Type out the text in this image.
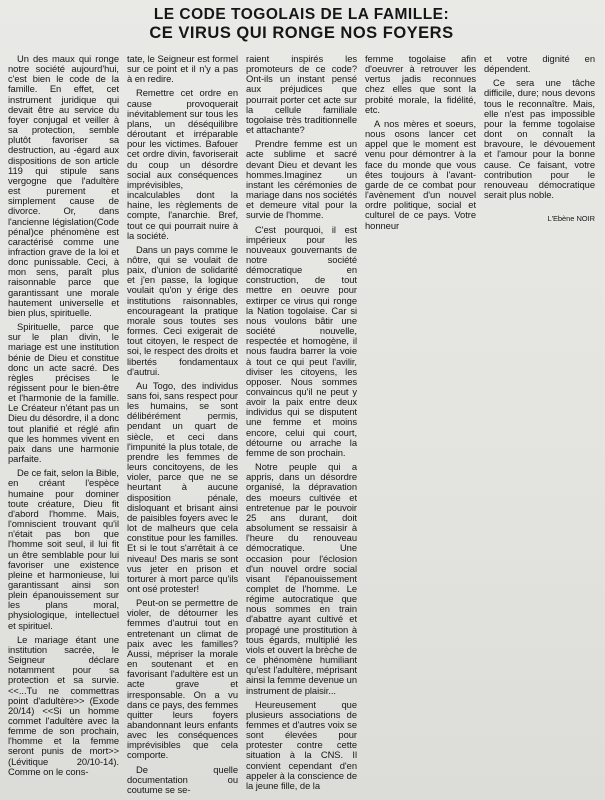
LE CODE TOGOLAIS DE LA FAMILLE:
CE VIRUS QUI RONGE NOS FOYERS

Un des maux qui ronge notre société aujourd'hui, c'est bien le code de la famille. En effet, cet instrument juridique qui devait être au service du foyer conjugal et veiller à sa protection, semble plutôt favoriser sa destruction, au -égard aux dispositions de son article 119 qui stipule sans vergogne que l'adultère est purement et simplement cause de divorce. Or, dans l'ancienne législation(Code pénal)ce phénomène est caractérisé comme une infraction grave de la loi et donc punissable. Ceci, à mon sens, paraît plus raisonnable parce que garantissant une morale hautement universelle et bien plus, spirituelle.

Spirituelle, parce que sur le plan divin, le mariage est une institution bénie de Dieu et constitue donc un acte sacré. Des règles précises le régissent pour le bien-être et l'harmonie de la famille. Le Créateur n'étant pas un Dieu du désordre, il a donc tout planifié et réglé afin que les hommes vivent en paix dans une harmonie parfaite.

De ce fait, selon la Bible, en créant l'espèce humaine pour dominer toute créature, Dieu fit d'abord l'homme. Mais, l'omniscient trouvant qu'il n'était pas bon que l'homme soit seul, il lui fit un être semblable pour lui favoriser une existence pleine et harmonieuse, lui garantissant ainsi son plein épanouissement sur les plans moral, physiologique, intellectuel et spirituel.

Le mariage étant une institution sacrée, le Seigneur déclare notamment pour sa protection et sa survie. <<...Tu ne commettras point d'adultère>> (Exode 20/14) <<Si un homme commet l'adultère avec la femme de son prochain, l'homme et la femme seront punis de mort>> (Lévitique 20/10-14). Comme on le cons-

tate, le Seigneur est formel sur ce point et il n'y a pas à en redire.

Remettre cet ordre en cause provoquerait inévitablement sur tous les plans, un déséquilibre déroutant et irréparable pour les victimes. Bafouer cet ordre divin, favoriserait du coup un désordre social aux conséquences imprévisibles, incalculables dont la haine, les règlements de compte, l'anarchie. Bref, tout ce qui pourrait nuire à la société.

Dans un pays comme le nôtre, qui se voulait de paix, d'union de solidarité et j'en passe, la logique voulait qu'on y érige des institutions raisonnables, encourageant la pratique morale sous toutes ses formes. Ceci exigerait de tout citoyen, le respect de soi, le respect des droits et libertés fondamentaux d'autrui.

Au Togo, des individus sans foi, sans respect pour les humains, se sont délibérément permis, pendant un quart de siècle, et ceci dans l'impunité la plus totale, de prendre les femmes de leurs concitoyens, de les violer, parce que ne se heurtant à aucune disposition pénale, disloquant et brisant ainsi de paisibles foyers avec le lot de malheurs que cela constitue pour les familles. Et si le tout s'arrêtait à ce niveau! Des maris se sont vus jeter en prison et torturer à mort parce qu'ils ont osé protester!

Peut-on se permettre de violer, de détourner les femmes d'autrui tout en entretenant un climat de paix avec les familles? Aussi, mépriser la morale en soutenant et en favorisant l'adultère est un acte grave et irresponsable. On a vu dans ce pays, des femmes quitter leurs foyers abandonnant leurs enfants avec les conséquences imprévisibles que cela comporte.

De quelle documentation ou coutume se se-

raient inspirés les promoteurs de ce code? Ont-ils un instant pensé aux préjudices que pourrait porter cet acte sur la cellule familiale togolaise très traditionnelle et attachante?

Prendre femme est un acte sublime et sacré devant Dieu et devant les hommes.Imaginez un instant les cérémonies de mariage dans nos sociétés et demeure vital pour la survie de l'homme.

C'est pourquoi, il est impérieux pour les nouveaux gouvernants de notre société démocratique en construction, de tout mettre en oeuvre pour extirper ce virus qui ronge la Nation togolaise. Car si nous voulons bâtir une société nouvelle, respectée et homogène, il nous faudra barrer la voie à tout ce qui peut l'avilir, diviser les citoyens, les opposer. Nous sommes convaincus qu'il ne peut y avoir la paix entre deux individus qui se disputent une femme et moins encore, celui qui court, détourne ou arrache la femme de son prochain.

Notre peuple qui a appris, dans un désordre organisé, la dépravation des moeurs cultivée et entretenue par le pouvoir 25 ans durant, doit absolument se ressaisir à l'heure du renouveau démocratique. Une occasion pour l'éclosion d'un nouvel ordre social visant l'épanouissement complet de l'homme. Le régime autocratique que nous sommes en train d'abattre ayant cultivé et propagé une prostitution à tous égards, multiplié les viols et ouvert la brèche de ce phénomène humiliant qu'est l'adultère, méprisant ainsi la femme devenue un instrument de plaisir...

Heureusement que plusieurs associations de femmes et d'autres voix se sont élevées pour protester contre cette situation à la CNS. Il convient cependant d'en appeler à la conscience de la jeune fille, de la

femme togolaise afin d'oeuvrer à retrouver les vertus jadis reconnues chez elles que sont la probité morale, la fidélité, etc.

A nos mères et soeurs, nous osons lancer cet appel que le moment est venu pour démontrer à la face du monde que vous êtes toujours à l'avant-garde de ce combat pour l'avènement d'un nouvel ordre politique, social et culturel de ce pays. Votre honneur

et votre dignité en dépendent.

Ce sera une tâche difficile, dure; nous devons tous le reconnaître. Mais, elle n'est pas impossible pour la femme togolaise dont on connaît la bravoure, le dévouement et l'amour pour la bonne cause. Ce faisant, votre contribution pour le renouveau démocratique serait plus noble.

L'Ebène NOIR
